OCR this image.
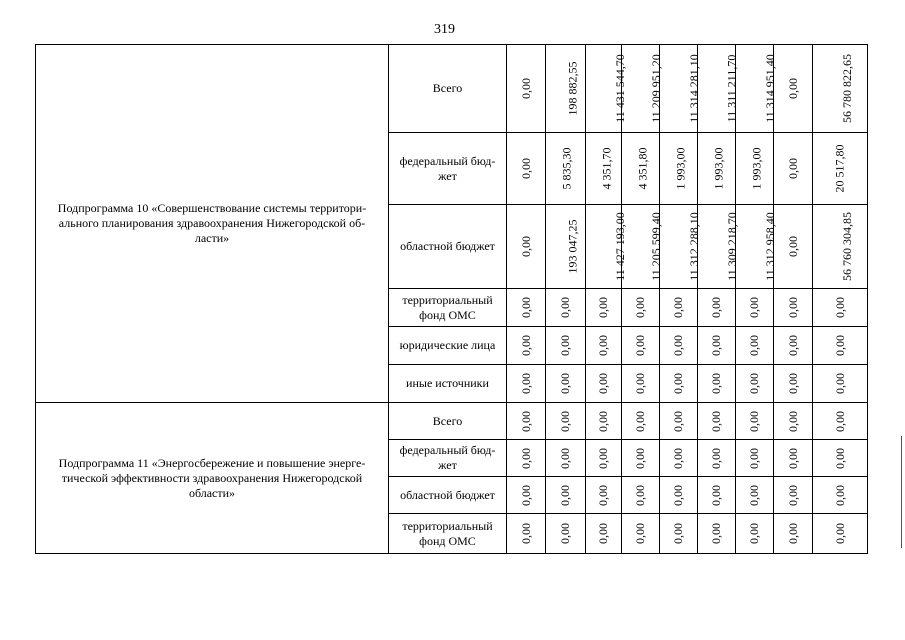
319
Подпрограмма 10 «Совершенствование системы территори-ального планирования здравоохранения Нижегородской об-ласти»	Всего	0,00	198 882,55	11 431 544,70	11 209 951,20	11 314 281,10	11 311 211,70	11 314 951,40	0,00	56 780 822,65
	федеральный бюд-жет	0,00	5 835,30	4 351,70	4 351,80	1 993,00	1 993,00	1 993,00	0,00	20 517,80
	областной бюджет	0,00	193 047,25	11 427 193,00	11 205 599,40	11 312 288,10	11 309 218,70	11 312 958,40	0,00	56 760 304,85
	территориальный фонд ОМС	0,00	0,00	0,00	0,00	0,00	0,00	0,00	0,00	0,00
	юридические лица	0,00	0,00	0,00	0,00	0,00	0,00	0,00	0,00	0,00
	иные источники	0,00	0,00	0,00	0,00	0,00	0,00	0,00	0,00	0,00
Подпрограмма 11 «Энергосбережение и повышение энерге-тической эффективности здравоохранения Нижегородской области»	Всего	0,00	0,00	0,00	0,00	0,00	0,00	0,00	0,00	0,00
	федеральный бюд-жет	0,00	0,00	0,00	0,00	0,00	0,00	0,00	0,00	0,00
	областной бюджет	0,00	0,00	0,00	0,00	0,00	0,00	0,00	0,00	0,00
	территориальный фонд ОМС	0,00	0,00	0,00	0,00	0,00	0,00	0,00	0,00	0,00
